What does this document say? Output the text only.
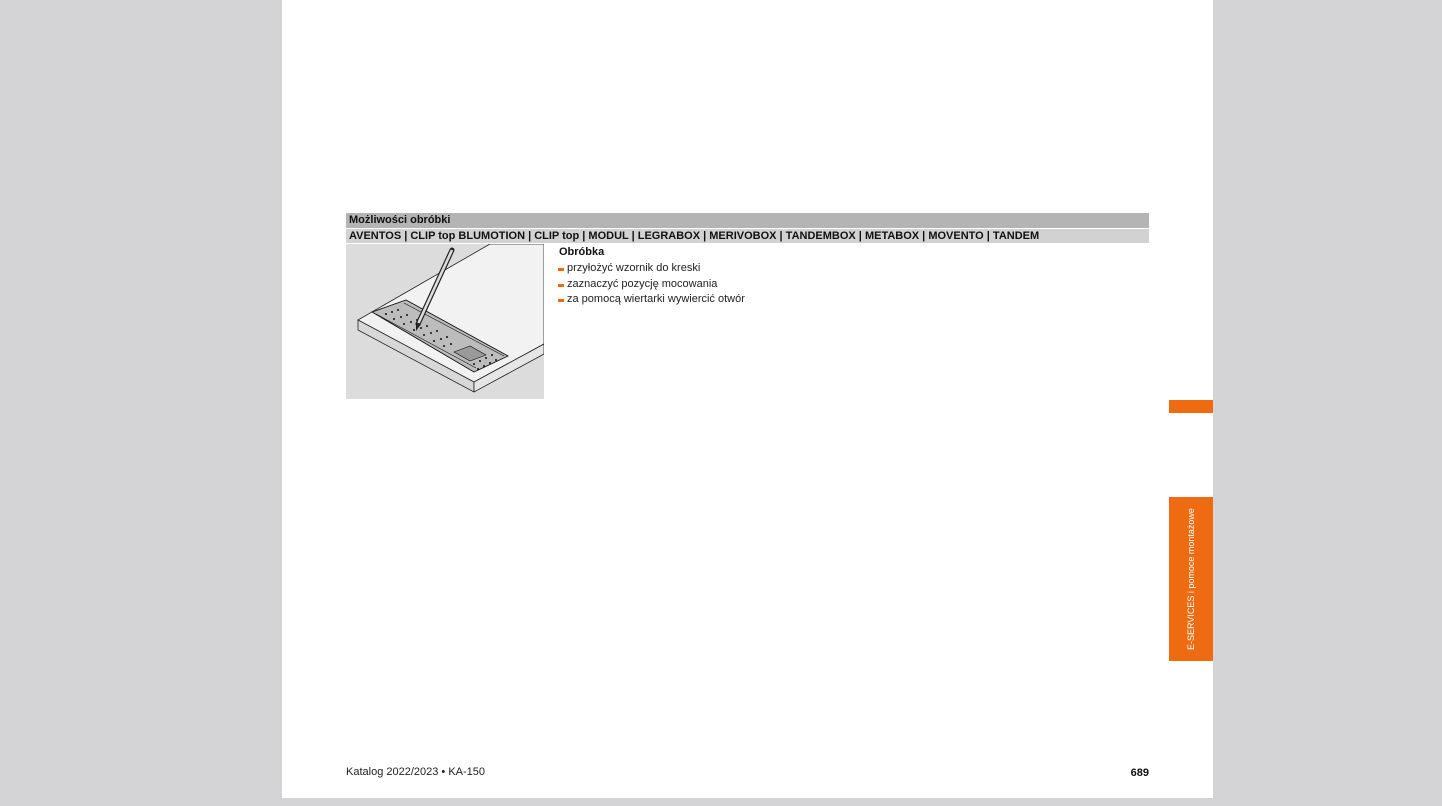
Możliwości obróbki
AVENTOS | CLIP top BLUMOTION | CLIP top | MODUL | LEGRABOX | MERIVOBOX | TANDEMBOX | METABOX | MOVENTO | TANDEM
Obróbka
przyłożyć wzornik do kreski
zaznaczyć pozycję mocowania
za pomocą wiertarki wywiercić otwór
E-SERVICES i pomoce montażowe
Katalog 2022/2023 • KA-150	689
